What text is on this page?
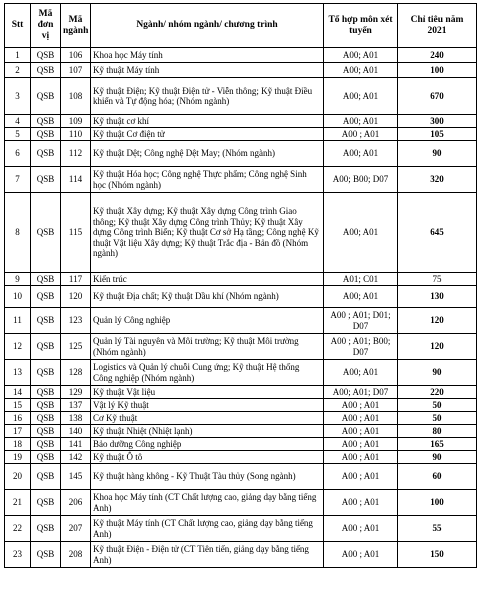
Stt	Mã đơn vị	Mã ngành	Ngành/ nhóm ngành/ chương trình	Tổ hợp môn xét tuyển	Chỉ tiêu năm 2021
1	QSB	106	Khoa học Máy tính	A00; A01	240
2	QSB	107	Kỹ thuật Máy tính	A00; A01	100
3	QSB	108	Kỹ thuật Điện; Kỹ thuật Điện tử - Viễn thông; Kỹ thuật Điều khiển và Tự động hóa; (Nhóm ngành)	A00; A01	670
4	QSB	109	Kỹ thuật cơ khí	A00; A01	300
5	QSB	110	Kỹ thuật Cơ điện tử	A00 ; A01	105
6	QSB	112	Kỹ thuật Dệt; Công nghệ Dệt May; (Nhóm ngành)	A00; A01	90
7	QSB	114	Kỹ thuật Hóa học; Công nghệ Thực phẩm; Công nghệ Sinh học (Nhóm ngành)	A00; B00; D07	320
8	QSB	115	Kỹ thuật Xây dựng; Kỹ thuật Xây dựng Công trình Giao thông; Kỹ thuật Xây dựng Công trình Thủy; Kỹ thuật Xây dựng Công trình Biển; Kỹ thuật Cơ sở Hạ tầng; Công nghệ Kỹ thuật Vật liệu Xây dựng; Kỹ thuật Trắc địa - Bản đồ (Nhóm ngành)	A00; A01	645
9	QSB	117	Kiến trúc	A01; C01	75
10	QSB	120	Kỹ thuật Địa chất; Kỹ thuật Dầu khí (Nhóm ngành)	A00; A01	130
11	QSB	123	Quản lý Công nghiệp	A00 ; A01; D01; D07	120
12	QSB	125	Quản lý Tài nguyên và Môi trường; Kỹ thuật Môi trường (Nhóm ngành)	A00 ; A01; B00; D07	120
13	QSB	128	Logistics và Quản lý chuỗi Cung ứng; Kỹ thuật Hệ thống Công nghiệp (Nhóm ngành)	A00; A01	90
14	QSB	129	Kỹ thuật Vật liệu	A00; A01; D07	220
15	QSB	137	Vật lý Kỹ thuật	A00 ; A01	50
16	QSB	138	Cơ Kỹ thuật	A00 ; A01	50
17	QSB	140	Kỹ thuật Nhiệt (Nhiệt lạnh)	A00 ; A01	80
18	QSB	141	Bảo dưỡng Công nghiệp	A00 ; A01	165
19	QSB	142	Kỹ thuật Ô tô	A00 ; A01	90
20	QSB	145	Kỹ thuật hàng không - Kỹ Thuật Tàu thủy (Song ngành)	A00 ; A01	60
21	QSB	206	Khoa học Máy tính (CT Chất lượng cao, giảng dạy bằng tiếng Anh)	A00 ; A01	100
22	QSB	207	Kỹ thuật Máy tính (CT Chất lượng cao, giảng dạy bằng tiếng Anh)	A00 ; A01	55
23	QSB	208	Kỹ thuật Điện - Điện tử (CT Tiên tiến, giảng dạy bằng tiếng Anh)	A00 ; A01	150
